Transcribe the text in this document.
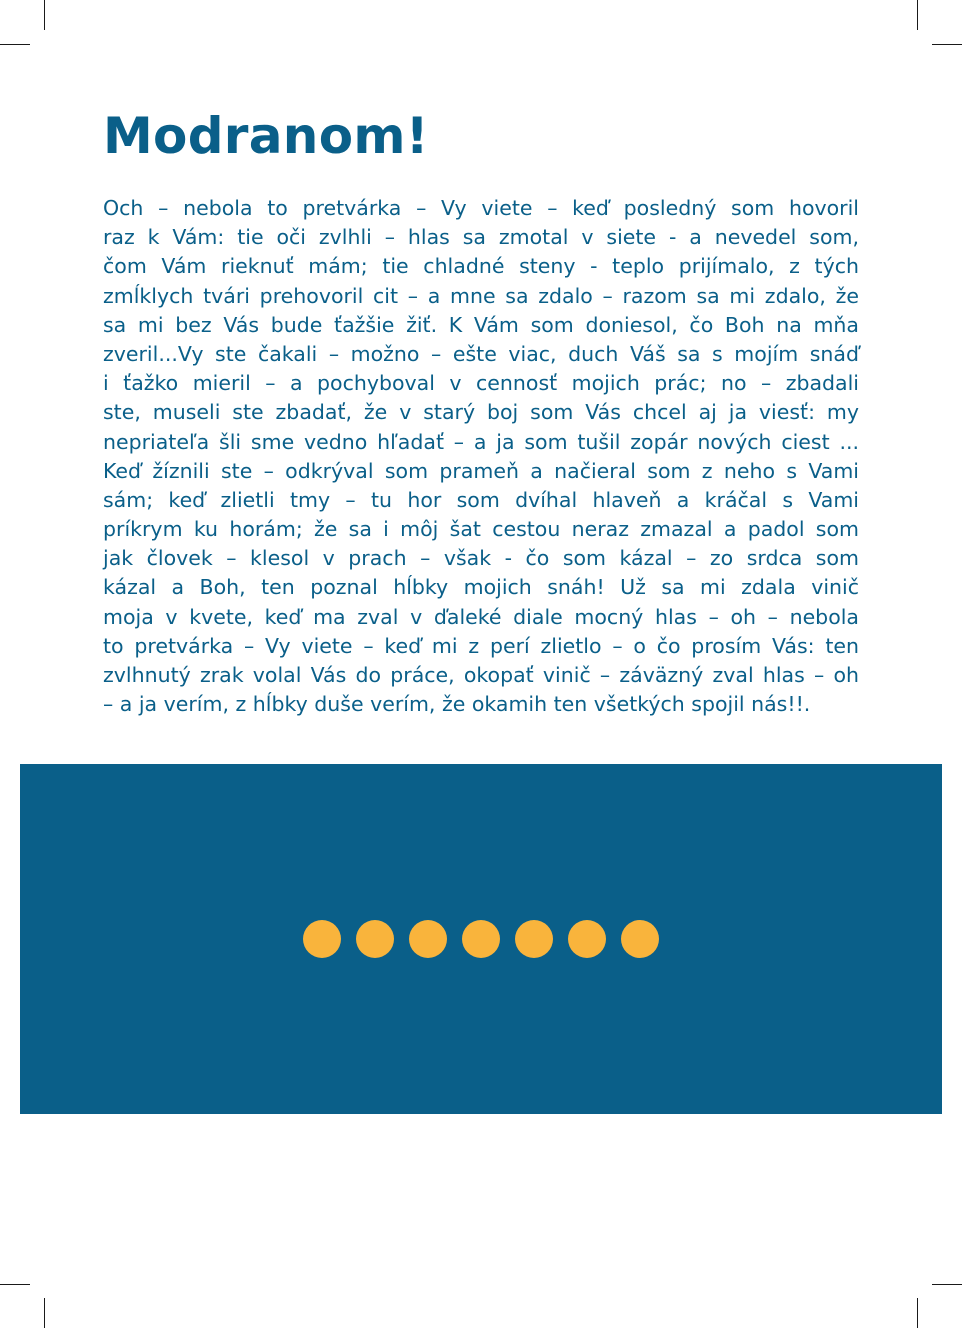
Modranom!
Och – nebola to pretvárka – Vy viete – keď posledný som hovoril
raz k Vám: tie oči zvlhli – hlas sa zmotal v siete - a nevedel som,
čom Vám rieknuť mám; tie chladné steny - teplo prijímalo, z tých
zmĺklych tvári prehovoril cit – a mne sa zdalo – razom sa mi zdalo, že
sa mi bez Vás bude ťažšie žiť. K Vám som doniesol, čo Boh na mňa
zveril...Vy ste čakali – možno – ešte viac, duch Váš sa s mojím snáď
i ťažko mieril – a pochyboval v cennosť mojich prác; no – zbadali
ste, museli ste zbadať, že v starý boj som Vás chcel aj ja viesť: my
nepriateľa šli sme vedno hľadať – a ja som tušil zopár nových ciest ...
Keď žíznili ste – odkrýval som prameň a načieral som z neho s Vami
sám; keď zlietli tmy – tu hor som dvíhal hlaveň a kráčal s Vami
príkrym ku horám; že sa i môj šat cestou neraz zmazal a padol som
jak človek – klesol v prach – však - čo som kázal – zo srdca som
kázal a Boh, ten poznal hĺbky mojich snáh! Už sa mi zdala vinič
moja v kvete, keď ma zval v ďaleké diale mocný hlas – oh – nebola
to pretvárka – Vy viete – keď mi z perí zlietlo – o čo prosím Vás: ten
zvlhnutý zrak volal Vás do práce, okopať vinič – záväzný zval hlas – oh
– a ja verím, z hĺbky duše verím, že okamih ten všetkých spojil nás!!.
